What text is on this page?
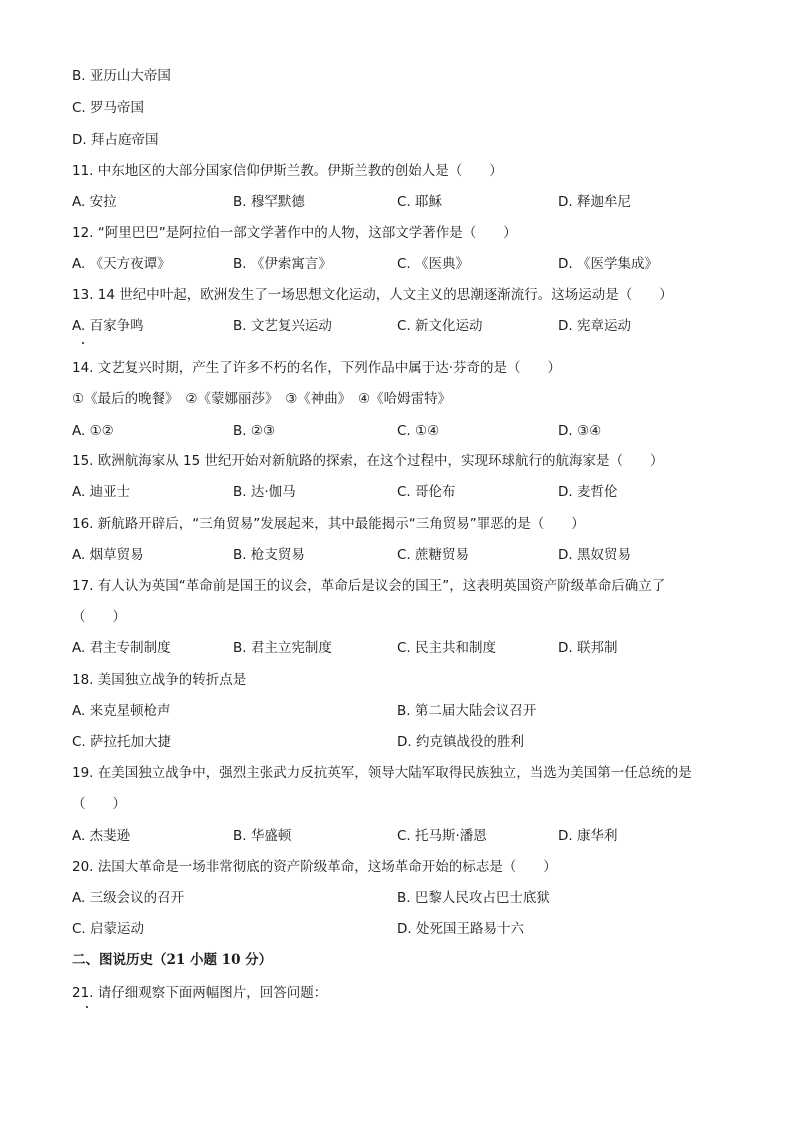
B. 亚历山大帝国
C. 罗马帝国
D. 拜占庭帝国
11. 中东地区的大部分国家信仰伊斯兰教。伊斯兰教的创始人是（　　）
A. 安拉	B. 穆罕默德	C. 耶稣	D. 释迦牟尼
12. “阿里巴巴”是阿拉伯一部文学著作中的人物，这部文学著作是（　　）
A. 《天方夜谭》	B. 《伊索寓言》	C. 《医典》	D. 《医学集成》
13. 14 世纪中叶起，欧洲发生了一场思想文化运动，人文主义的思潮逐渐流行。这场运动是（　　）
A. 百家争鸣	B. 文艺复兴运动	C. 新文化运动	D. 宪章运动
14. 文艺复兴时期，产生了许多不朽的名作，下列作品中属于达·芬奇的是（　　）
①《最后的晚餐》　②《蒙娜丽莎》　③《神曲》　④《哈姆雷特》
A. ①②	B. ②③	C. ①④	D. ③④
15. 欧洲航海家从 15 世纪开始对新航路的探索，在这个过程中，实现环球航行的航海家是（　　）
A. 迪亚士	B. 达·伽马	C. 哥伦布	D. 麦哲伦
16. 新航路开辟后，“三角贸易”发展起来，其中最能揭示“三角贸易”罪恶的是（　　）
A. 烟草贸易	B. 枪支贸易	C. 蔗糖贸易	D. 黑奴贸易
17. 有人认为英国“革命前是国王的议会，革命后是议会的国王”，这表明英国资产阶级革命后确立了
（　　）
A. 君主专制制度	B. 君主立宪制度	C. 民主共和制度	D. 联邦制
18. 美国独立战争的转折点是
A. 来克星顿枪声	B. 第二届大陆会议召开
C. 萨拉托加大捷	D. 约克镇战役的胜利
19. 在美国独立战争中，强烈主张武力反抗英军，领导大陆军取得民族独立，当选为美国第一任总统的是
（　　）
A. 杰斐逊	B. 华盛顿	C. 托马斯·潘恩	D. 康华利
20. 法国大革命是一场非常彻底的资产阶级革命，这场革命开始的标志是（　　）
A. 三级会议的召开	B. 巴黎人民攻占巴士底狱
C. 启蒙运动	D. 处死国王路易十六
二、图说历史（21 小题 10 分）
21. 请仔细观察下面两幅图片，回答问题：
